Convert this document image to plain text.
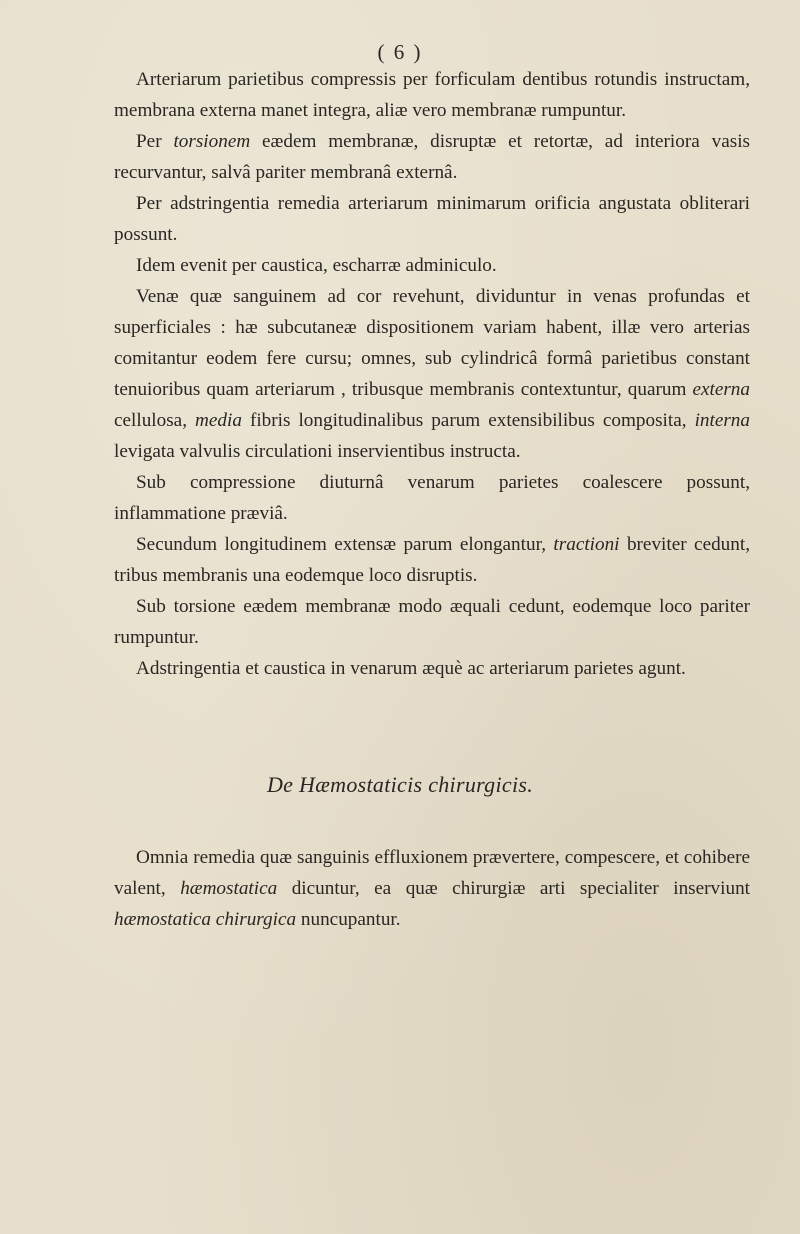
( 6 )

Arteriarum parietibus compressis per forficulam dentibus rotundis instructam, membrana externa manet integra, aliæ vero membranæ rumpuntur.

Per torsionem eædem membranæ, disruptæ et retortæ, ad interiora vasis recurvantur, salvâ pariter membranâ externâ.

Per adstringentia remedia arteriarum minimarum orificia angustata obliterari possunt.

Idem evenit per caustica, escharræ adminiculo.

Venæ quæ sanguinem ad cor revehunt, dividuntur in venas profundas et superficiales : hæ subcutaneæ dispositionem variam habent, illæ vero arterias comitantur eodem fere cursu; omnes, sub cylindricâ formâ parietibus constant tenuioribus quam arteriarum , tribusque membranis contextuntur, quarum externa cellulosa, media fibris longitudinalibus parum extensibilibus composita, interna levigata valvulis circulationi inservientibus instructa.

Sub compressione diuturnâ venarum parietes coalescere possunt, inflammatione præviâ.

Secundum longitudinem extensæ parum elongantur, tractioni breviter cedunt, tribus membranis una eodemque loco disruptis.

Sub torsione eædem membranæ modo æquali cedunt, eodemque loco pariter rumpuntur.

Adstringentia et caustica in venarum æquè ac arteriarum parietes agunt.

De Hæmostaticis chirurgicis.

Omnia remedia quæ sanguinis effluxionem prævertere, compescere, et cohibere valent, hæmostatica dicuntur, ea quæ chirurgiæ arti specialiter inserviunt hæmostatica chirurgica nuncupantur.
